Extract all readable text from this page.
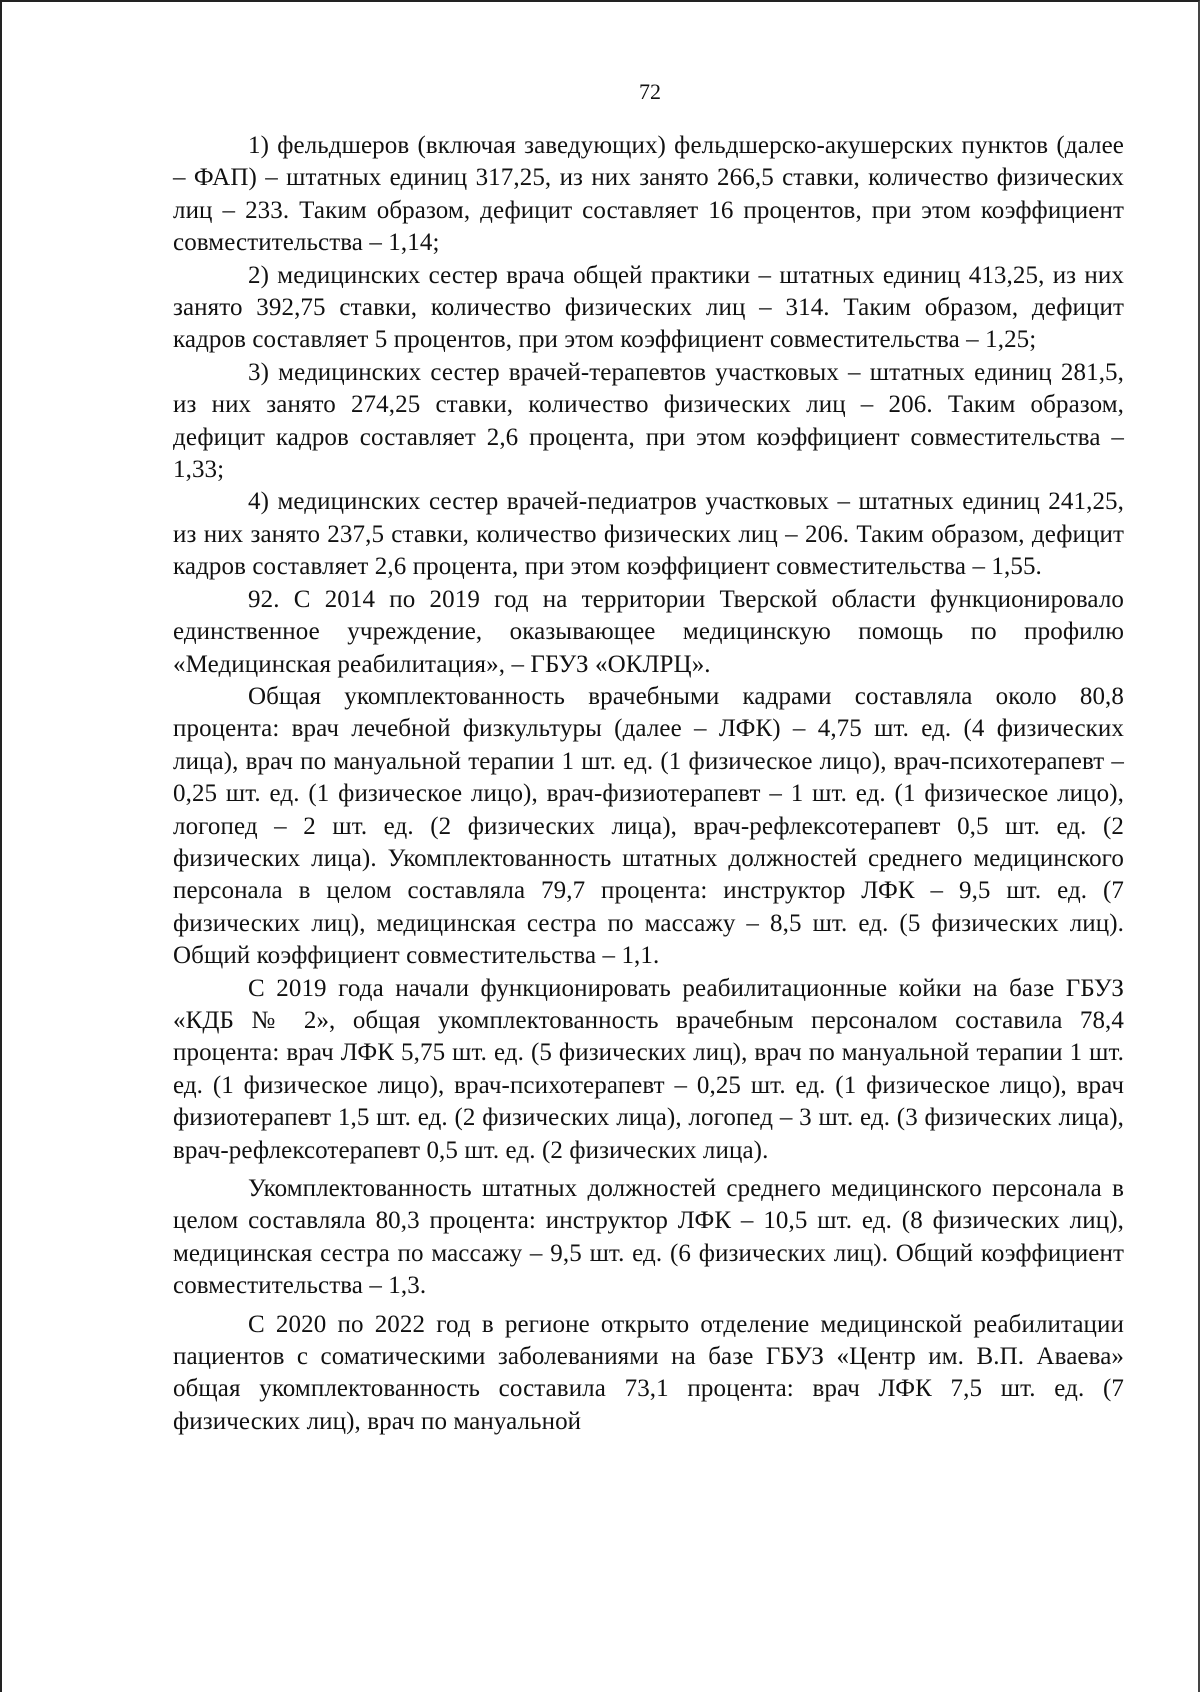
72

1) фельдшеров (включая заведующих) фельдшерско-акушерских пунктов (далее – ФАП) – штатных единиц 317,25, из них занято 266,5 ставки, количество физических лиц – 233. Таким образом, дефицит составляет 16 процентов, при этом коэффициент совместительства – 1,14;

2) медицинских сестер врача общей практики – штатных единиц 413,25, из них занято 392,75 ставки, количество физических лиц – 314. Таким образом, дефицит кадров составляет 5 процентов, при этом коэффициент совместительства – 1,25;

3) медицинских сестер врачей-терапевтов участковых – штатных единиц 281,5, из них занято 274,25 ставки, количество физических лиц – 206. Таким образом, дефицит кадров составляет 2,6 процента, при этом коэффициент совместительства – 1,33;

4) медицинских сестер врачей-педиатров участковых – штатных единиц 241,25, из них занято 237,5 ставки, количество физических лиц – 206. Таким образом, дефицит кадров составляет 2,6 процента, при этом коэффициент совместительства – 1,55.

92. С 2014 по 2019 год на территории Тверской области функционировало единственное учреждение, оказывающее медицинскую помощь по профилю «Медицинская реабилитация», – ГБУЗ «ОКЛРЦ».

Общая укомплектованность врачебными кадрами составляла около 80,8 процента: врач лечебной физкультуры (далее – ЛФК) – 4,75 шт. ед. (4 физических лица), врач по мануальной терапии 1 шт. ед. (1 физическое лицо), врач-психотерапевт – 0,25 шт. ед. (1 физическое лицо), врач-физиотерапевт – 1 шт. ед. (1 физическое лицо), логопед – 2 шт. ед. (2 физических лица), врач-рефлексотерапевт 0,5 шт. ед. (2 физических лица). Укомплектованность штатных должностей среднего медицинского персонала в целом составляла 79,7 процента: инструктор ЛФК – 9,5 шт. ед. (7 физических лиц), медицинская сестра по массажу – 8,5 шт. ед. (5 физических лиц). Общий коэффициент совместительства – 1,1.

С 2019 года начали функционировать реабилитационные койки на базе ГБУЗ «КДБ № 2», общая укомплектованность врачебным персоналом составила 78,4 процента: врач ЛФК 5,75 шт. ед. (5 физических лиц), врач по мануальной терапии 1 шт. ед. (1 физическое лицо), врач-психотерапевт – 0,25 шт. ед. (1 физическое лицо), врач физиотерапевт 1,5 шт. ед. (2 физических лица), логопед – 3 шт. ед. (3 физических лица), врач-рефлексотерапевт 0,5 шт. ед. (2 физических лица).

Укомплектованность штатных должностей среднего медицинского персонала в целом составляла 80,3 процента: инструктор ЛФК – 10,5 шт. ед. (8 физических лиц), медицинская сестра по массажу – 9,5 шт. ед. (6 физических лиц). Общий коэффициент совместительства – 1,3.

С 2020 по 2022 год в регионе открыто отделение медицинской реабилитации пациентов с соматическими заболеваниями на базе ГБУЗ «Центр им. В.П. Аваева» общая укомплектованность составила 73,1 процента: врач ЛФК 7,5 шт. ед. (7 физических лиц), врач по мануальной
